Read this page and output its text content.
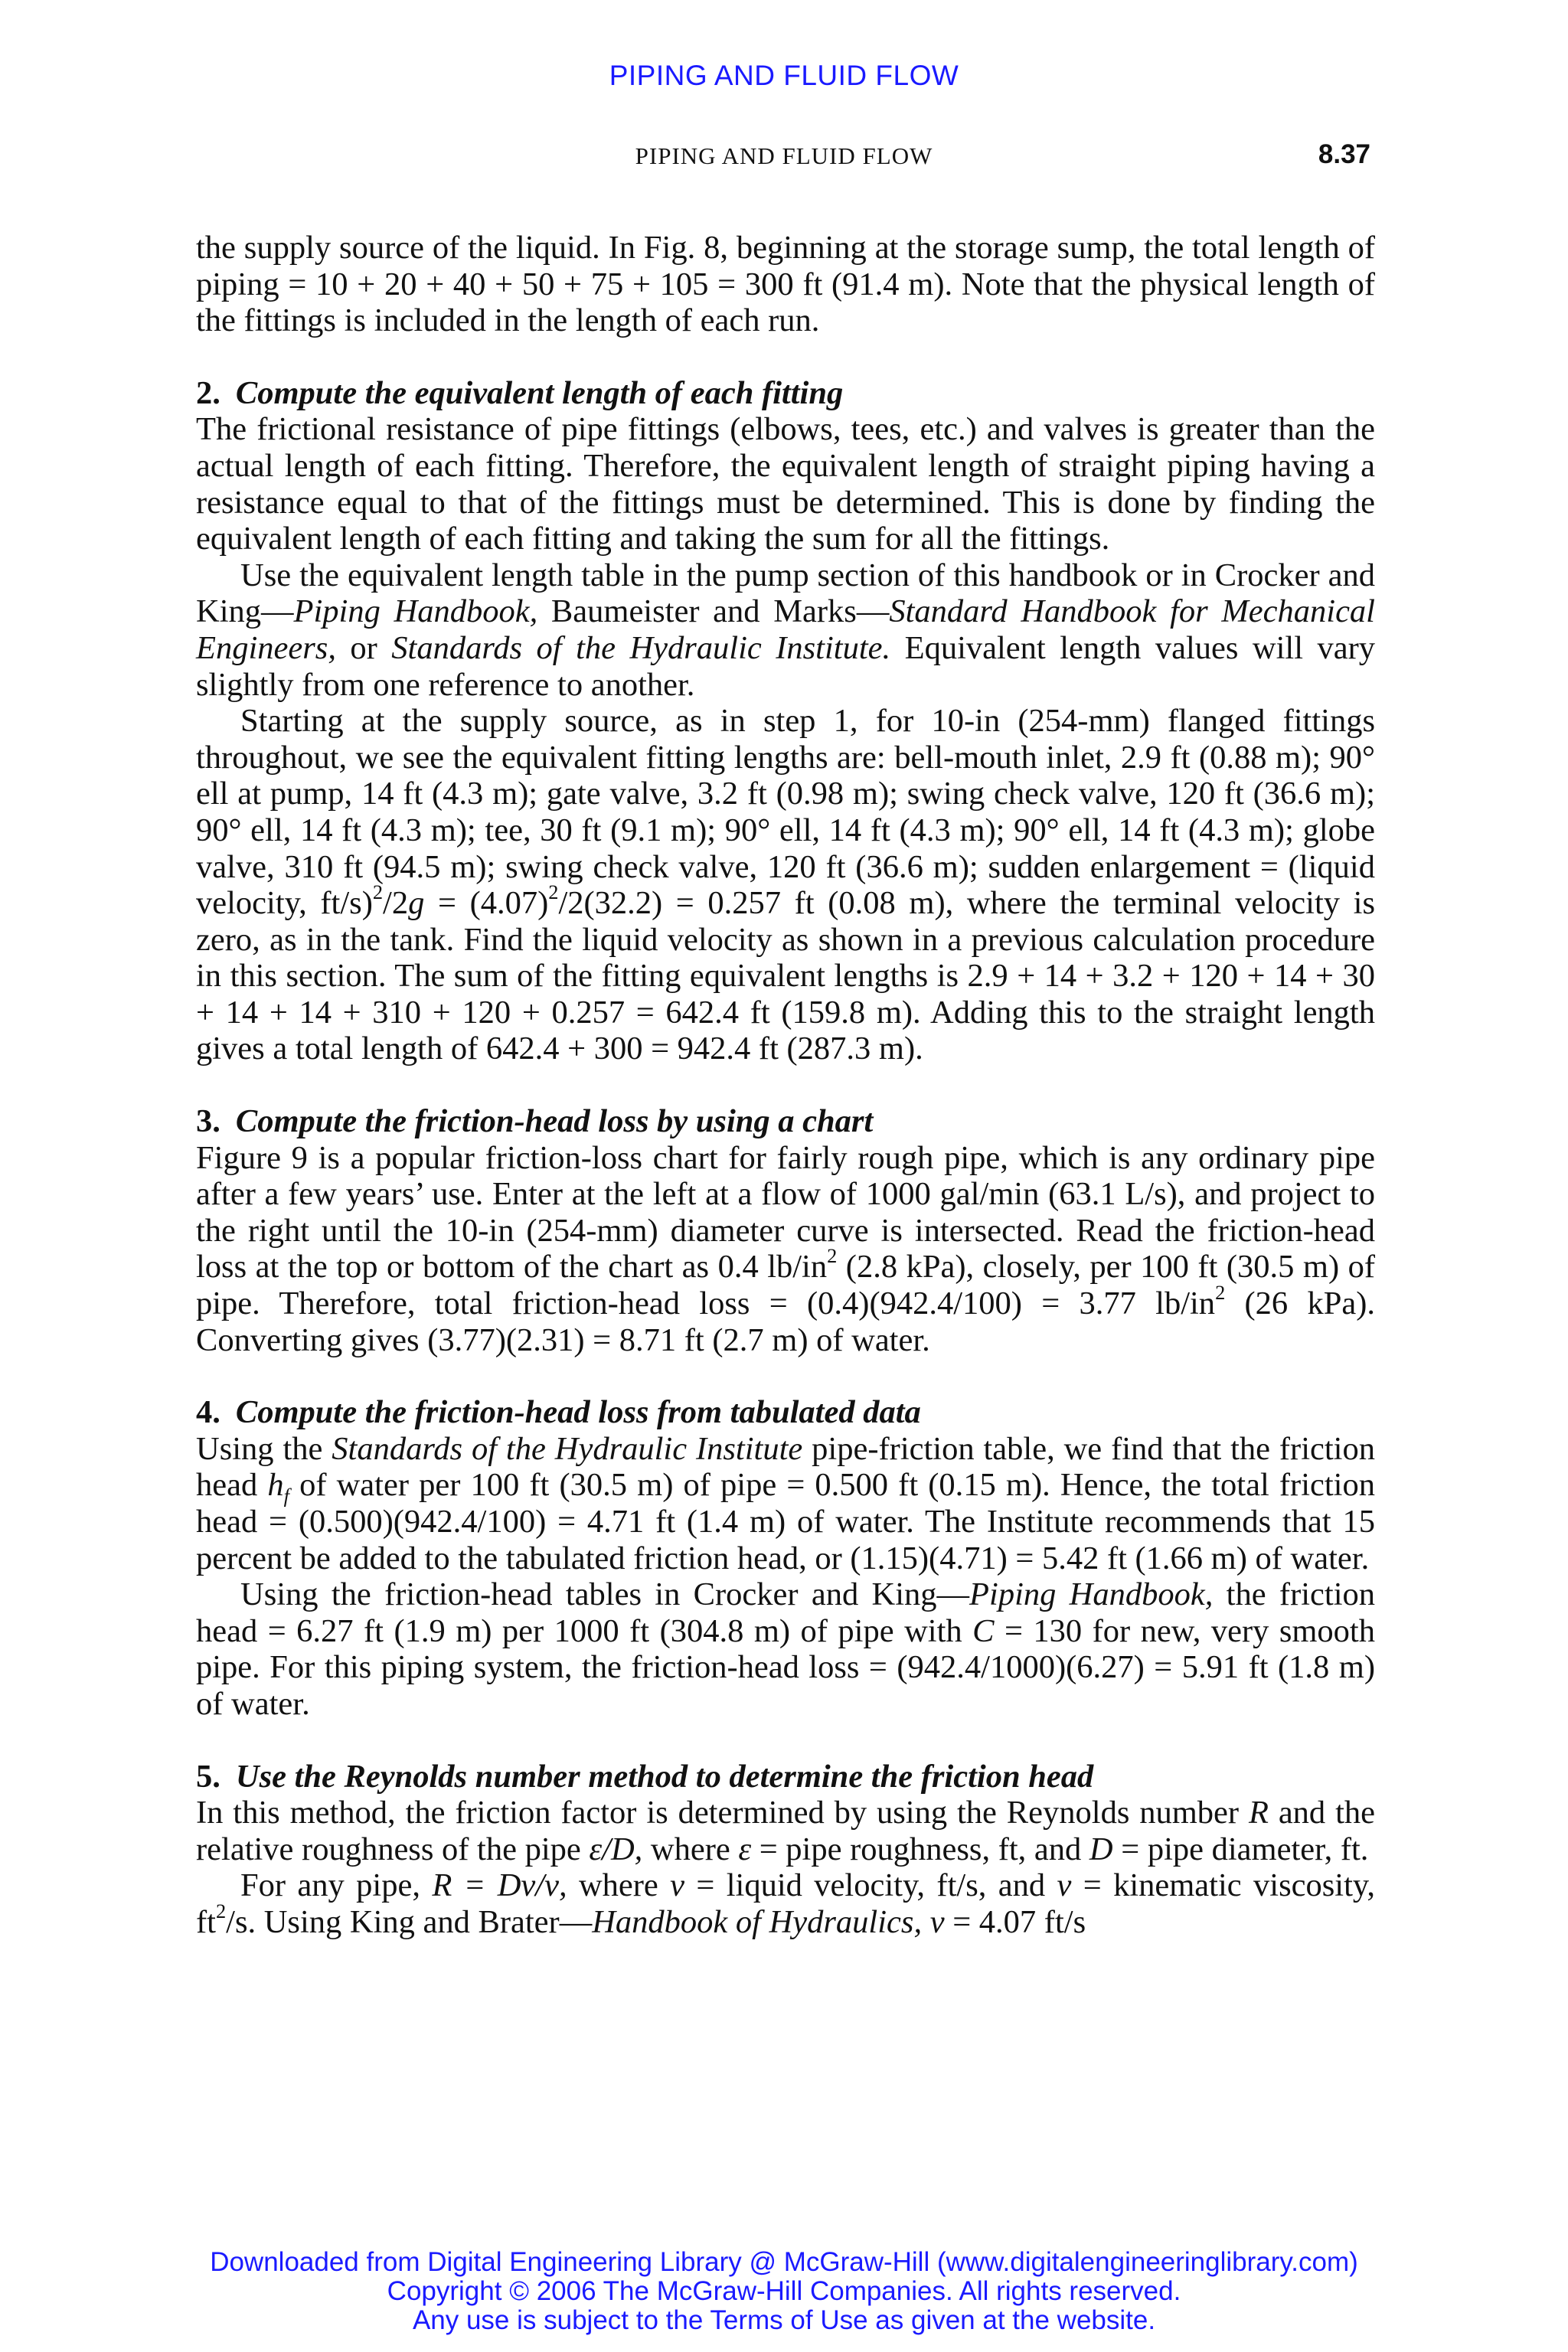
PIPING AND FLUID FLOW
PIPING AND FLUID FLOW	8.37

the supply source of the liquid. In Fig. 8, beginning at the storage sump, the total length of piping = 10 + 20 + 40 + 50 + 75 + 105 = 300 ft (91.4 m). Note that the physical length of the fittings is included in the length of each run.

2. Compute the equivalent length of each fitting

The frictional resistance of pipe fittings (elbows, tees, etc.) and valves is greater than the actual length of each fitting. Therefore, the equivalent length of straight piping having a resistance equal to that of the fittings must be determined. This is done by finding the equivalent length of each fitting and taking the sum for all the fittings.

Use the equivalent length table in the pump section of this handbook or in Crocker and King—Piping Handbook, Baumeister and Marks—Standard Handbook for Mechanical Engineers, or Standards of the Hydraulic Institute. Equivalent length values will vary slightly from one reference to another.

Starting at the supply source, as in step 1, for 10-in (254-mm) flanged fittings throughout, we see the equivalent fitting lengths are: bell-mouth inlet, 2.9 ft (0.88 m); 90° ell at pump, 14 ft (4.3 m); gate valve, 3.2 ft (0.98 m); swing check valve, 120 ft (36.6 m); 90° ell, 14 ft (4.3 m); tee, 30 ft (9.1 m); 90° ell, 14 ft (4.3 m); 90° ell, 14 ft (4.3 m); globe valve, 310 ft (94.5 m); swing check valve, 120 ft (36.6 m); sudden enlargement = (liquid velocity, $ft/s)^2/2g = (4.07)^2/2(32.2) = 0.257$ ft (0.08 m), where the terminal velocity is zero, as in the tank. Find the liquid velocity as shown in a previous calculation procedure in this section. The sum of the fitting equivalent lengths is 2.9 + 14 + 3.2 + 120 + 14 + 30 + 14 + 14 + 310 + 120 + 0.257 = 642.4 ft (159.8 m). Adding this to the straight length gives a total length of 642.4 + 300 = 942.4 ft (287.3 m).

3. Compute the friction-head loss by using a chart

Figure 9 is a popular friction-loss chart for fairly rough pipe, which is any ordinary pipe after a few years’ use. Enter at the left at a flow of 1000 gal/min (63.1 L/s), and project to the right until the 10-in (254-mm) diameter curve is intersected. Read the friction-head loss at the top or bottom of the chart as 0.4 $lb/in^2$ (2.8 kPa), closely, per 100 ft (30.5 m) of pipe. Therefore, total friction-head loss = (0.4)(942.4/100) = 3.77 $lb/in^2$ (26 kPa). Converting gives (3.77)(2.31) = 8.71 ft (2.7 m) of water.

4. Compute the friction-head loss from tabulated data

Using the Standards of the Hydraulic Institute pipe-friction table, we find that the friction head $h_f$ of water per 100 ft (30.5 m) of pipe = 0.500 ft (0.15 m). Hence, the total friction head = (0.500)(942.4/100) = 4.71 ft (1.4 m) of water. The Institute recommends that 15 percent be added to the tabulated friction head, or (1.15)(4.71) = 5.42 ft (1.66 m) of water.

Using the friction-head tables in Crocker and King—Piping Handbook, the friction head = 6.27 ft (1.9 m) per 1000 ft (304.8 m) of pipe with C = 130 for new, very smooth pipe. For this piping system, the friction-head loss = (942.4/1000)(6.27) = 5.91 ft (1.8 m) of water.

5. Use the Reynolds number method to determine the friction head

In this method, the friction factor is determined by using the Reynolds number R and the relative roughness of the pipe ε/D, where ε = pipe roughness, ft, and D = pipe diameter, ft.

For any pipe, R = Dv/ν, where v = liquid velocity, ft/s, and ν = kinematic viscosity, $ft^2/s$. Using King and Brater—Handbook of Hydraulics, v = 4.07 ft/s

Downloaded from Digital Engineering Library @ McGraw-Hill (www.digitalengineeringlibrary.com)
Copyright © 2006 The McGraw-Hill Companies. All rights reserved.
Any use is subject to the Terms of Use as given at the website.
